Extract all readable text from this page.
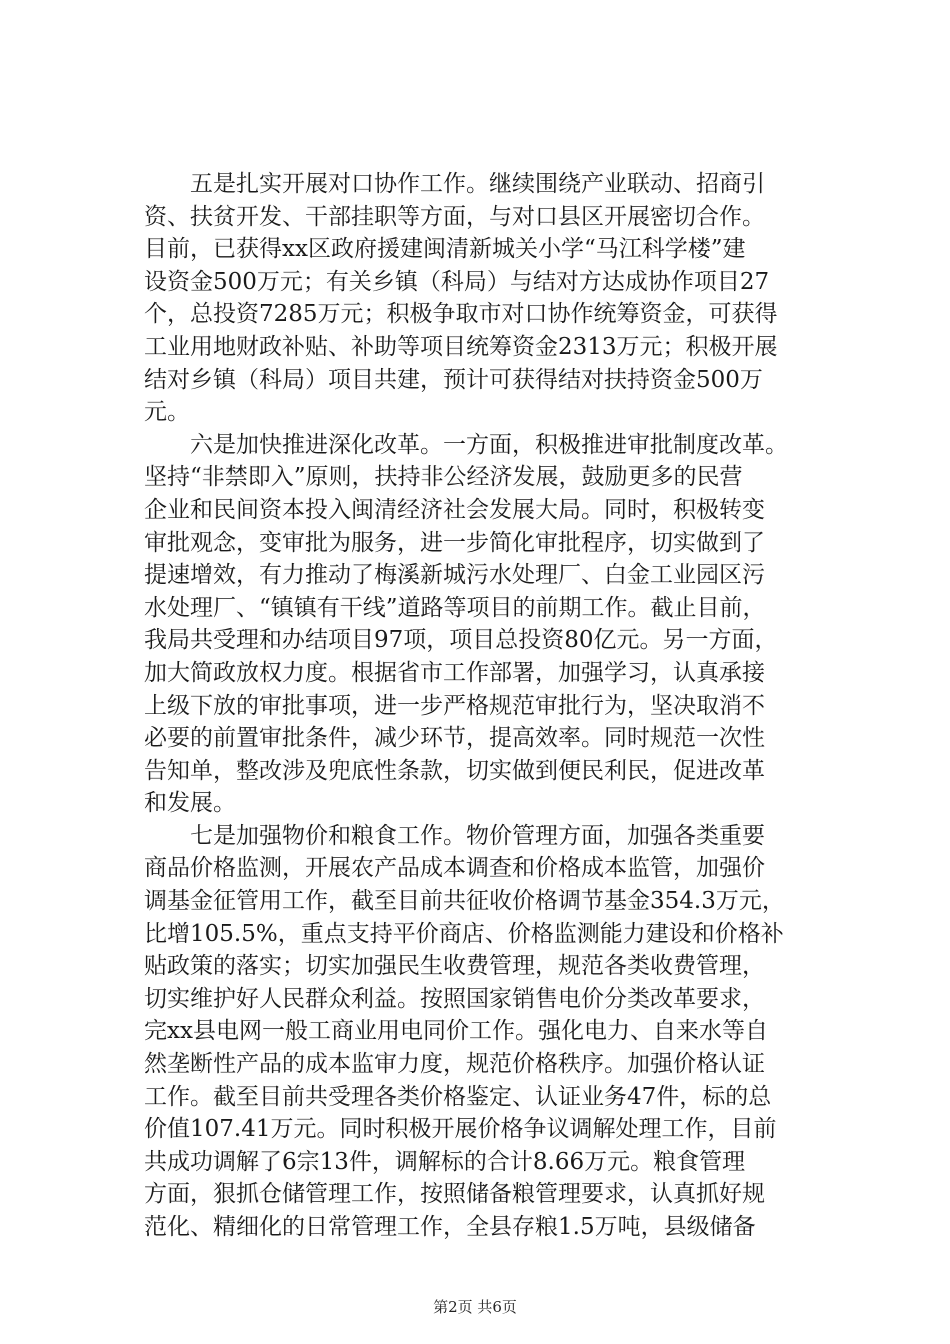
　　五是扎实开展对口协作工作。继续围绕产业联动、招商引
资、扶贫开发、干部挂职等方面，与对口县区开展密切合作。
目前，已获得xx区政府援建闽清新城关小学“马江科学楼”建
设资金500万元；有关乡镇（科局）与结对方达成协作项目27
个，总投资7285万元；积极争取市对口协作统筹资金，可获得
工业用地财政补贴、补助等项目统筹资金2313万元；积极开展
结对乡镇（科局）项目共建，预计可获得结对扶持资金500万
元。
　　六是加快推进深化改革。一方面，积极推进审批制度改革。
坚持“非禁即入”原则，扶持非公经济发展，鼓励更多的民营
企业和民间资本投入闽清经济社会发展大局。同时，积极转变
审批观念，变审批为服务，进一步简化审批程序，切实做到了
提速增效，有力推动了梅溪新城污水处理厂、白金工业园区污
水处理厂、“镇镇有干线”道路等项目的前期工作。截止目前，
我局共受理和办结项目97项，项目总投资80亿元。另一方面，
加大简政放权力度。根据省市工作部署，加强学习，认真承接
上级下放的审批事项，进一步严格规范审批行为，坚决取消不
必要的前置审批条件，减少环节，提高效率。同时规范一次性
告知单，整改涉及兜底性条款，切实做到便民利民，促进改革
和发展。
　　七是加强物价和粮食工作。物价管理方面，加强各类重要
商品价格监测，开展农产品成本调查和价格成本监管，加强价
调基金征管用工作，截至目前共征收价格调节基金354.3万元，
比增105.5%，重点支持平价商店、价格监测能力建设和价格补
贴政策的落实；切实加强民生收费管理，规范各类收费管理，
切实维护好人民群众利益。按照国家销售电价分类改革要求，
完xx县电网一般工商业用电同价工作。强化电力、自来水等自
然垄断性产品的成本监审力度，规范价格秩序。加强价格认证
工作。截至目前共受理各类价格鉴定、认证业务47件，标的总
价值107.41万元。同时积极开展价格争议调解处理工作，目前
共成功调解了6宗13件，调解标的合计8.66万元。粮食管理
方面，狠抓仓储管理工作，按照储备粮管理要求，认真抓好规
范化、精细化的日常管理工作，全县存粮1.5万吨，县级储备
第2页 共6页
